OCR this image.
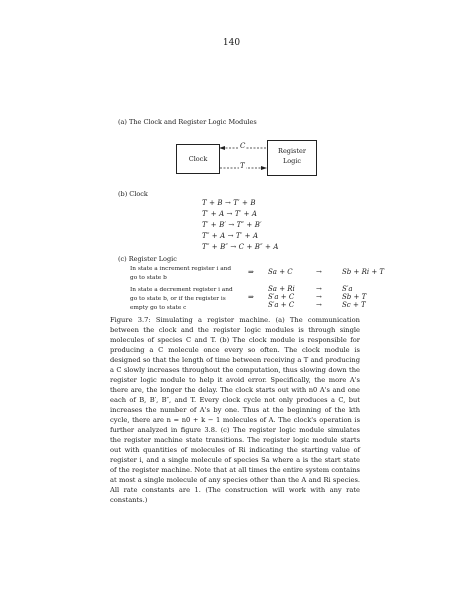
140
(a) The Clock and Register Logic Modules
Clock
Register
Logic
C
T
(b) Clock
T + B → T′ + B
T′ + A → T′ + A
T′ + B′ → T″ + B′
T″ + A → T′ + A
T″ + B″ → C + B″ + A
(c) Register Logic
In state a increment register i and go to state b
⇒ Sa + C	→	Sb + Ri + T
In state a decrement register i and go to state b, or if the register is empty go to state c
⇒
Sa + Ri
S′a + C
S′a + C
→
→
→
S′a
Sb + T
Sc + T
Figure 3.7: Simulating a register machine. (a) The communication between the clock and the register logic modules is through single molecules of species C and T. (b) The clock module is responsible for producing a C molecule once every so often. The clock module is designed so that the length of time between receiving a T and producing a C slowly increases throughout the computation, thus slowing down the register logic module to help it avoid error. Specifically, the more A's there are, the longer the delay. The clock starts out with n0 A's and one each of B, B′, B″, and T. Every clock cycle not only produces a C, but increases the number of A's by one. Thus at the beginning of the kth cycle, there are n = n0 + k − 1 molecules of A. The clock's operation is further analyzed in figure 3.8. (c) The register logic module simulates the register machine state transitions. The register logic module starts out with quantities of molecules of Ri indicating the starting value of register i, and a single molecule of species Sa where a is the start state of the register machine. Note that at all times the entire system contains at most a single molecule of any species other than the A and Ri species. All rate constants are 1. (The construction will work with any rate constants.)
